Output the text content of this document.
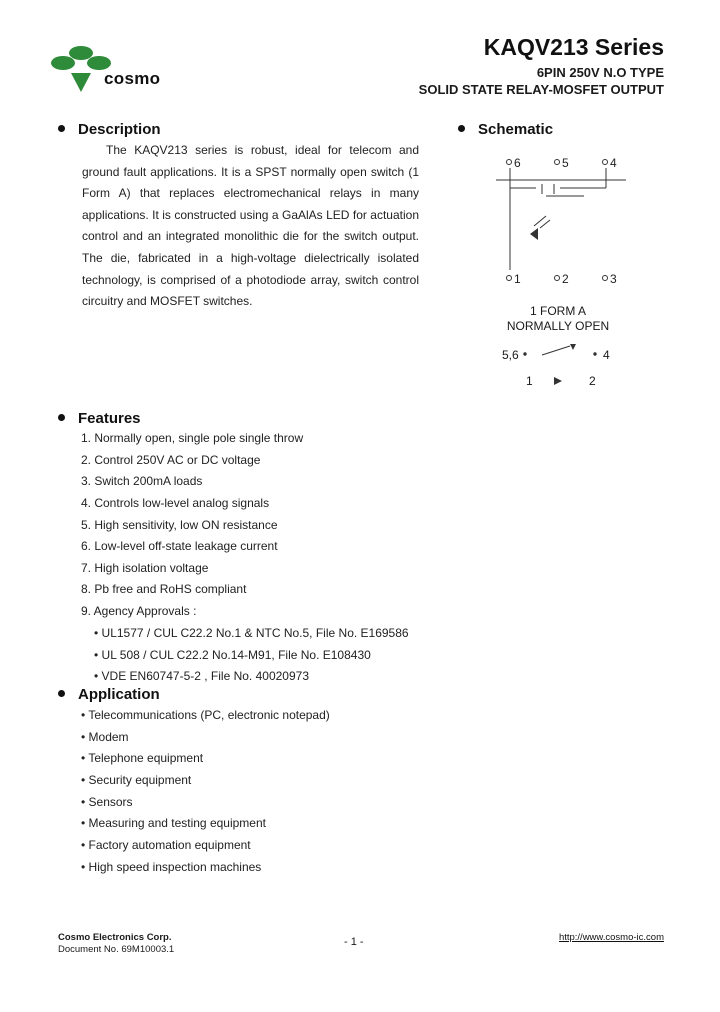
cosmo
KAQV213 Series
6PIN 250V N.O TYPE
SOLID STATE RELAY-MOSFET OUTPUT
Description
The KAQV213 series is robust, ideal for telecom and
ground fault applications. It is a SPST normally open switch (1
Form A) that replaces electromechanical relays in many
applications. It is constructed using a GaAlAs LED for actuation
control and an integrated monolithic die for the switch output.
The die, fabricated in a high-voltage dielectrically isolated
technology, is comprised of a photodiode array, switch control
circuitry and MOSFET switches.
Schematic
6	5	4
1	2	3
1 FORM A
NORMALLY OPEN
5,6	4
1	2
Features
1. Normally open, single pole single throw
2. Control 250V AC or DC voltage
3. Switch 200mA loads
4. Controls low-level analog signals
5. High sensitivity, low ON resistance
6. Low-level off-state leakage current
7. High isolation voltage
8. Pb free and RoHS compliant
9. Agency Approvals :
• UL1577 / CUL C22.2 No.1 & NTC No.5, File No. E169586
• UL 508 / CUL C22.2 No.14-M91, File No. E108430
• VDE EN60747-5-2 , File No. 40020973
Application
• Telecommunications (PC, electronic notepad)
• Modem
• Telephone equipment
• Security equipment
• Sensors
• Measuring and testing equipment
• Factory automation equipment
• High speed inspection machines
Cosmo Electronics Corp.
Document No. 69M10003.1
- 1 -	http://www.cosmo-ic.com
